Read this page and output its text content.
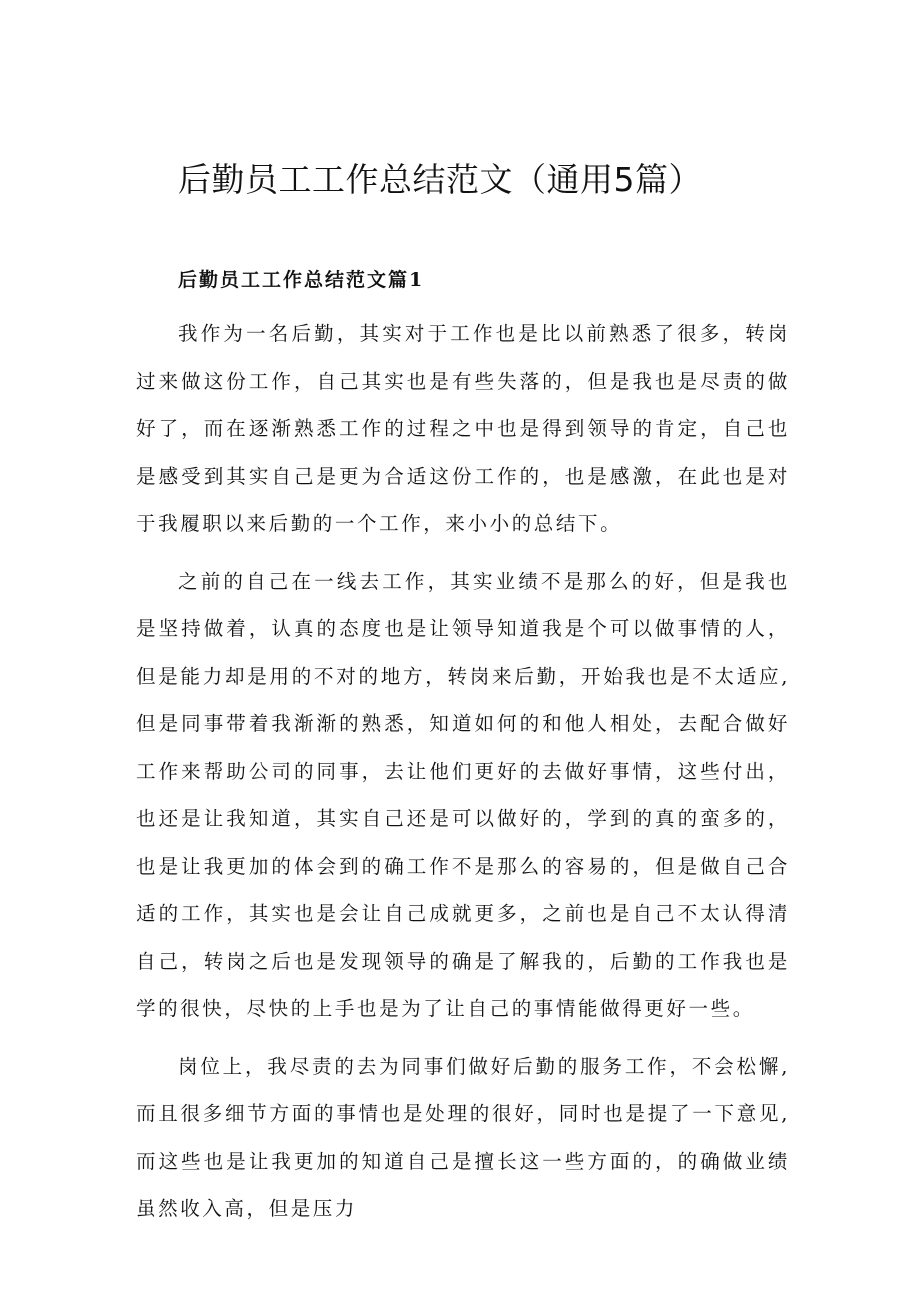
后勤员工工作总结范文（通用5篇）
后勤员工工作总结范文篇1

我作为一名后勤，其实对于工作也是比以前熟悉了很多，转岗过来做这份工作，自己其实也是有些失落的，但是我也是尽责的做好了，而在逐渐熟悉工作的过程之中也是得到领导的肯定，自己也是感受到其实自己是更为合适这份工作的，也是感激，在此也是对于我履职以来后勤的一个工作，来小小的总结下。

之前的自己在一线去工作，其实业绩不是那么的好，但是我也是坚持做着，认真的态度也是让领导知道我是个可以做事情的人，但是能力却是用的不对的地方，转岗来后勤，开始我也是不太适应,但是同事带着我渐渐的熟悉，知道如何的和他人相处，去配合做好工作来帮助公司的同事，去让他们更好的去做好事情，这些付出，也还是让我知道，其实自己还是可以做好的，学到的真的蛮多的，也是让我更加的体会到的确工作不是那么的容易的，但是做自己合适的工作，其实也是会让自己成就更多，之前也是自己不太认得清自己，转岗之后也是发现领导的确是了解我的，后勤的工作我也是学的很快，尽快的上手也是为了让自己的事情能做得更好一些。

岗位上，我尽责的去为同事们做好后勤的服务工作，不会松懈,而且很多细节方面的事情也是处理的很好，同时也是提了一下意见,而这些也是让我更加的知道自己是擅长这一些方面的，的确做业绩虽然收入高，但是压力
